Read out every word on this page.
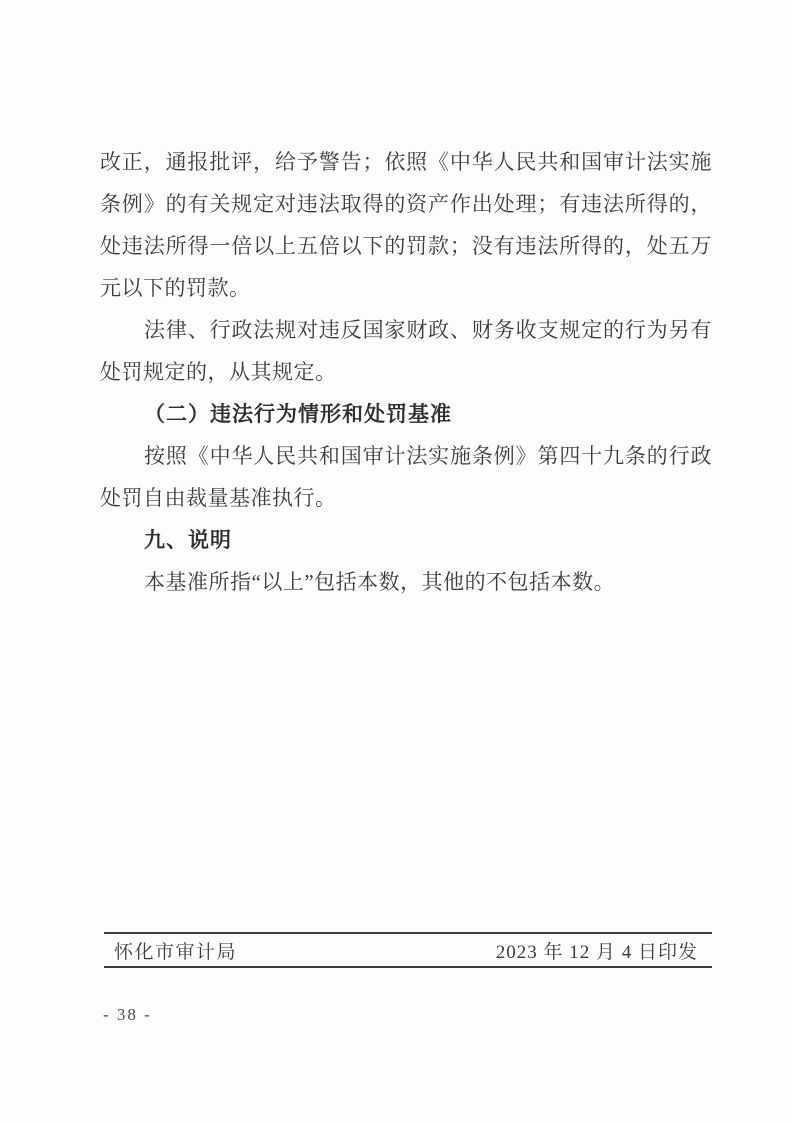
改正，通报批评，给予警告；依照《中华人民共和国审计法实施
条例》的有关规定对违法取得的资产作出处理；有违法所得的，
处违法所得一倍以上五倍以下的罚款；没有违法所得的，处五万
元以下的罚款。
法律、行政法规对违反国家财政、财务收支规定的行为另有
处罚规定的，从其规定。
（二）违法行为情形和处罚基准
按照《中华人民共和国审计法实施条例》第四十九条的行政
处罚自由裁量基准执行。
九、说明
本基准所指“以上”包括本数，其他的不包括本数。
怀化市审计局	2023 年 12 月 4 日印发
- 38 -
